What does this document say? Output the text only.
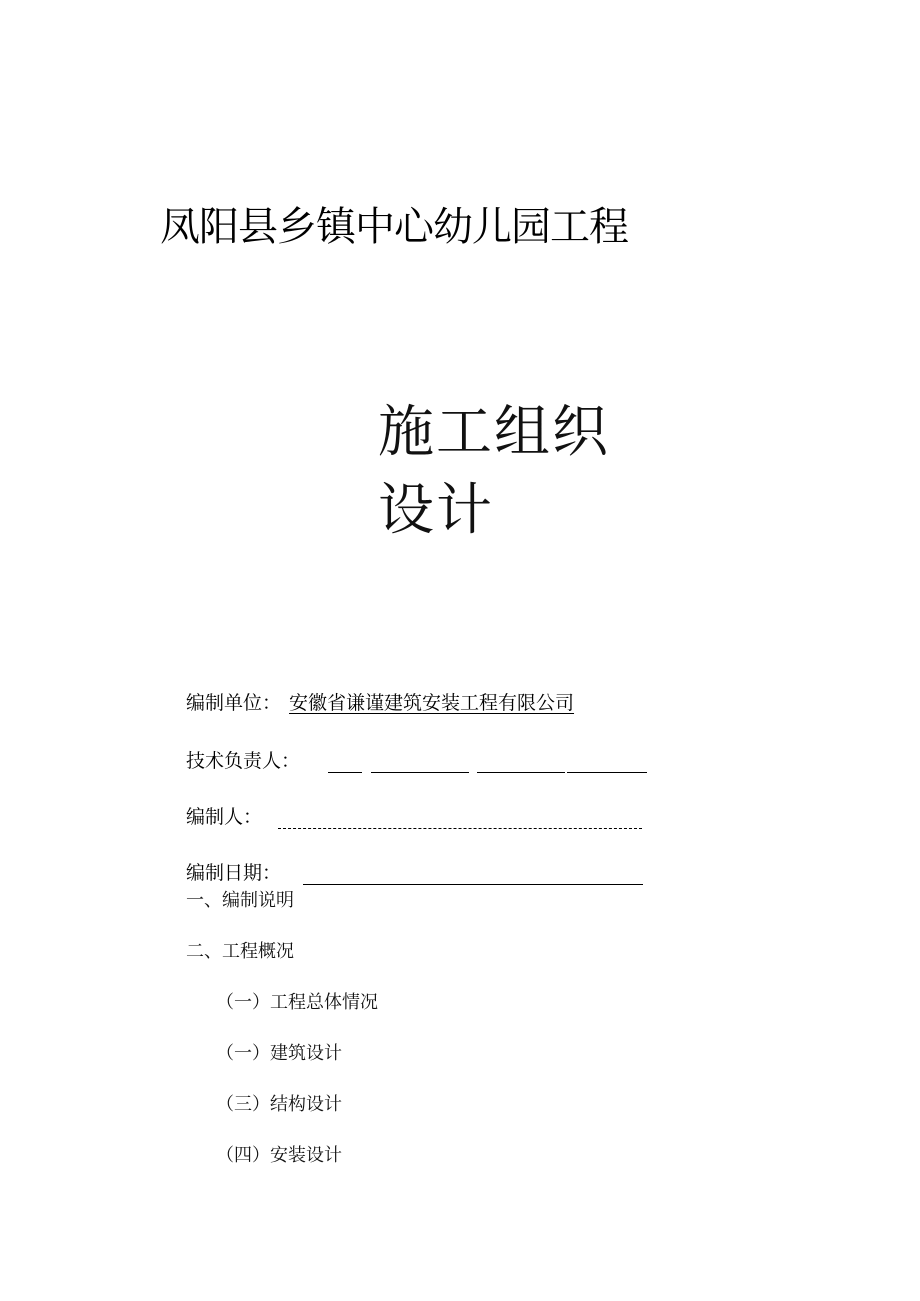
凤阳县乡镇中心幼儿园工程
施工组织
设计
编制单位： 安徽省谦谨建筑安装工程有限公司
技术负责人：
编制人：
编制日期：
一、编制说明
二、工程概况
（一）工程总体情况
（一）建筑设计
（三）结构设计
（四）安装设计
